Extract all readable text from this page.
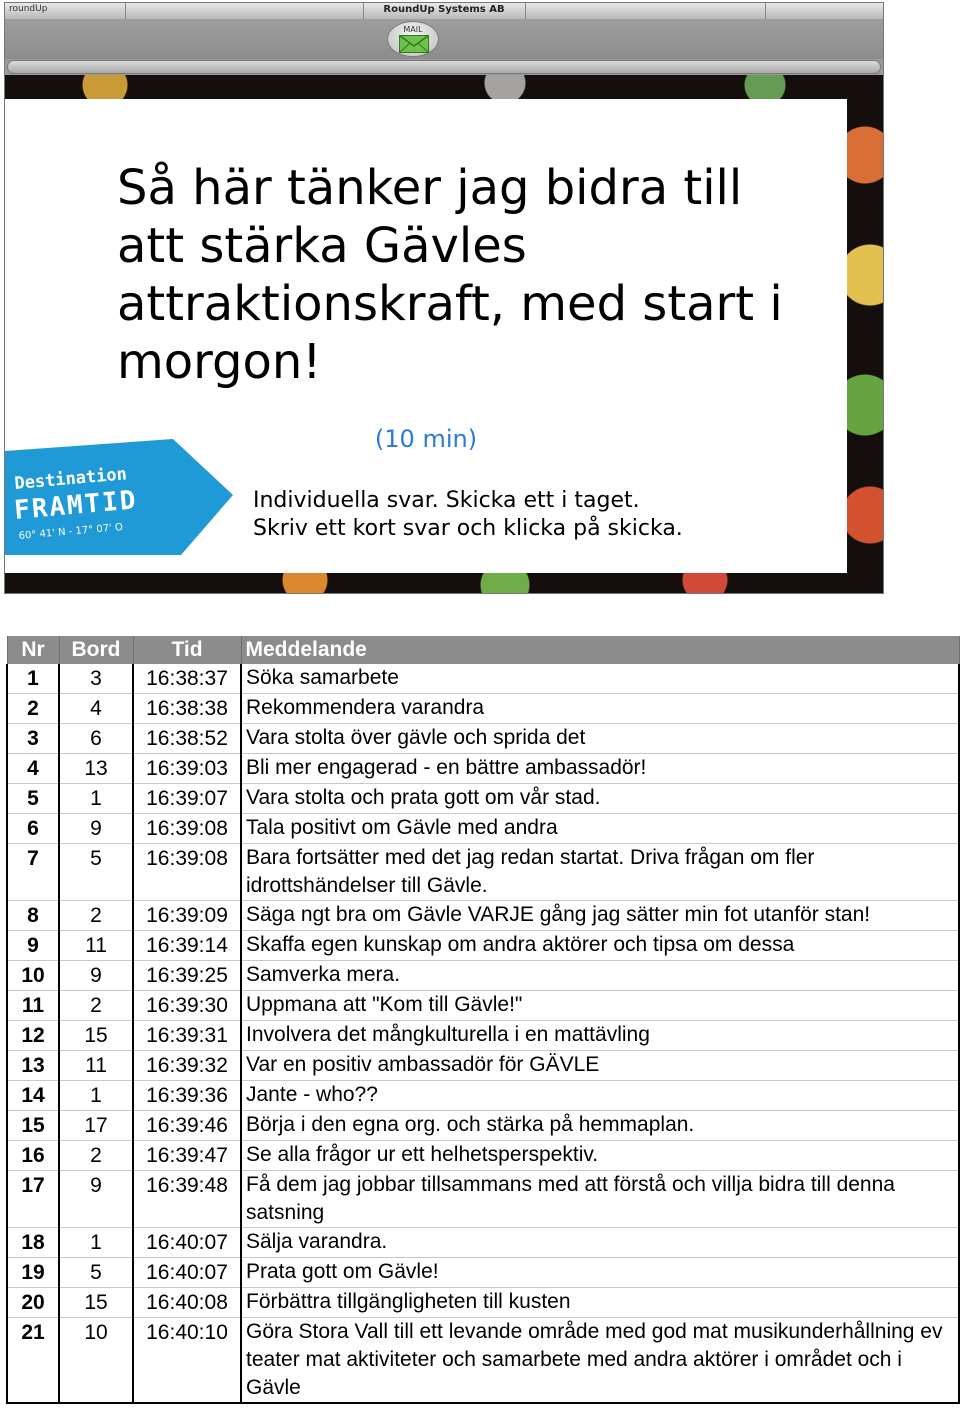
roundUp	RoundUp Systems AB
MAIL
Så här tänker jag bidra till
att stärka Gävles
attraktionskraft, med start i
morgon!
(10 min)
Individuella svar. Skicka ett i taget.
Skriv ett kort svar och klicka på skicka.
Destination
FRAMTID
60° 41' N - 17° 07' O
Nr	Bord	Tid	Meddelande
1	3	16:38:37	Söka samarbete
2	4	16:38:38	Rekommendera varandra
3	6	16:38:52	Vara stolta över gävle och sprida det
4	13	16:39:03	Bli mer engagerad - en bättre ambassadör!
5	1	16:39:07	Vara stolta och prata gott om vår stad.
6	9	16:39:08	Tala positivt om Gävle med andra
7	5	16:39:08	Bara fortsätter med det jag redan startat. Driva frågan om fler idrottshändelser till Gävle.
8	2	16:39:09	Säga ngt bra om Gävle VARJE gång jag sätter min fot utanför stan!
9	11	16:39:14	Skaffa egen kunskap om andra aktörer och tipsa om dessa
10	9	16:39:25	Samverka mera.
11	2	16:39:30	Uppmana att "Kom till Gävle!"
12	15	16:39:31	Involvera det mångkulturella i en mattävling
13	11	16:39:32	Var en positiv ambassadör för GÄVLE
14	1	16:39:36	Jante - who??
15	17	16:39:46	Börja i den egna org. och stärka på hemmaplan.
16	2	16:39:47	Se alla frågor ur ett helhetsperspektiv.
17	9	16:39:48	Få dem jag jobbar tillsammans med att förstå och villja bidra till denna satsning
18	1	16:40:07	Sälja varandra.
19	5	16:40:07	Prata gott om Gävle!
20	15	16:40:08	Förbättra tillgängligheten till kusten
21	10	16:40:10	Göra Stora Vall till ett levande område med god mat musikunderhållning ev teater mat aktiviteter och samarbete med andra aktörer i området och i Gävle
